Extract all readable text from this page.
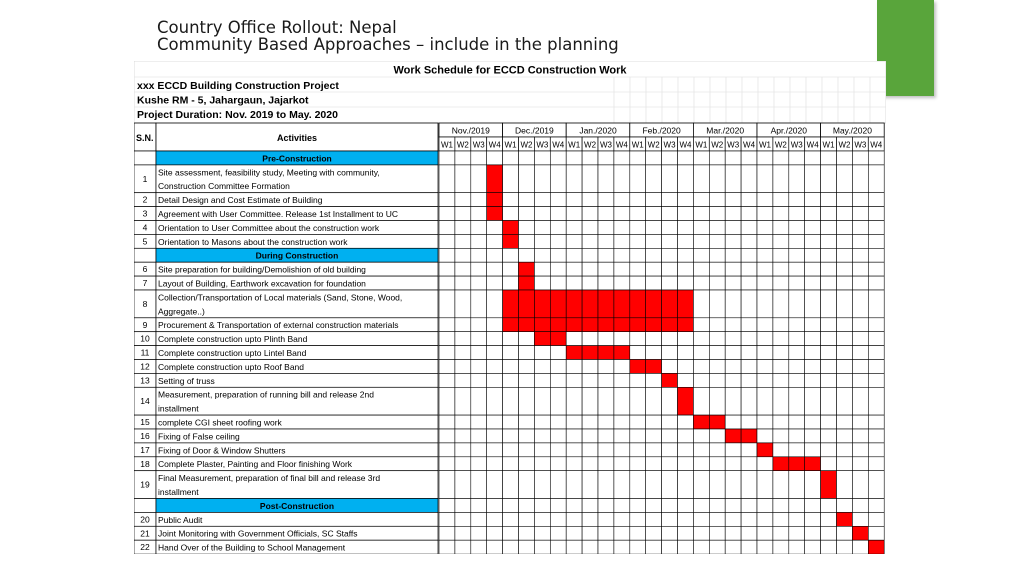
Country Office Rollout: Nepal
Community Based Approaches – include in the planning
Work Schedule for ECCD Construction Work
xxx ECCD Building Construction Project
Kushe RM - 5, Jahargaun, Jajarkot
Project Duration: Nov. 2019 to May. 2020
S.N.	Activities
Nov./2019
W1 W2 W3 W4
Dec./2019
W1 W2 W3 W4
Jan./2020
W1 W2 W3 W4
Feb./2020
W1 W2 W3 W4
Mar./2020
W1 W2 W3 W4
Apr./2020
W1 W2 W3 W4
May./2020
W1 W2 W3 W4
Pre-Construction
1
Site assessment, feasibility study, Meeting with community,
Construction Committee Formation
2 Detail Design and Cost Estimate of Building
3 Agreement with User Committee. Release 1st Installment to UC
4 Orientation to User Committee about the construction work
5 Orientation to Masons about the construction work
During Construction
6 Site preparation for building/Demolishion of old building
7 Layout of Building, Earthwork excavation for foundation
8
Collection/Transportation of Local materials (Sand, Stone, Wood,
Aggregate..)
9 Procurement & Transportation of external construction materials
10 Complete construction upto Plinth Band
11 Complete construction upto Lintel Band
12 Complete construction upto Roof Band
13 Setting of truss
14
Measurement, preparation of running bill and release 2nd
installment
15 complete CGI sheet roofing work
16 Fixing of False ceiling
17 Fixing of Door & Window Shutters
18 Complete Plaster, Painting and Floor finishing Work
19
Final Measurement, preparation of final bill and release 3rd
installment
Post-Construction
20 Public Audit
21 Joint Monitoring with Government Officials, SC Staffs
22 Hand Over of the Building to School Management
